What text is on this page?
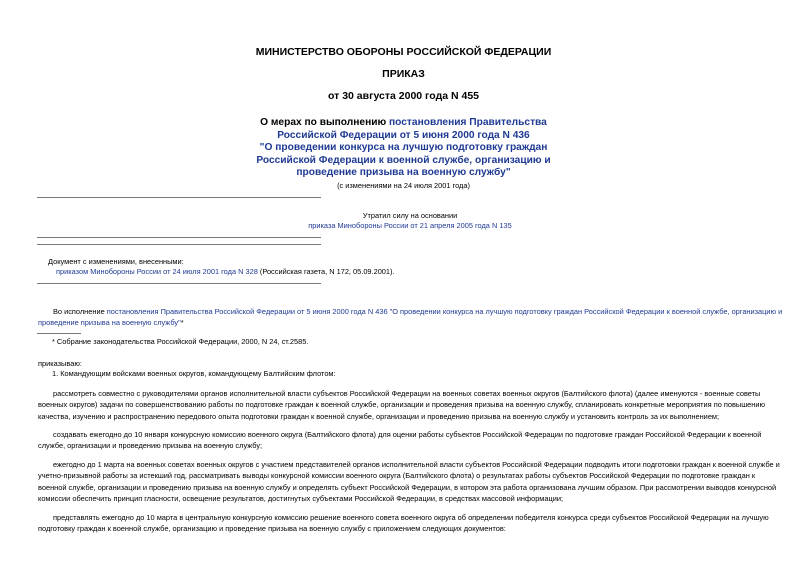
МИНИСТЕРСТВО ОБОРОНЫ РОССИЙСКОЙ ФЕДЕРАЦИИ
ПРИКАЗ
от 30 августа 2000 года N 455
О мерах по выполнению постановления Правительства
Российской Федерации от 5 июня 2000 года N 436
"О проведении конкурса на лучшую подготовку граждан
Российской Федерации к военной службе, организацию и
проведение призыва на военную службу"
(с изменениями на 24 июля 2001 года)
Утратил силу на основании
приказа Минобороны России от 21 апреля 2005 года N 135
Документ с изменениями, внесенными:
приказом Минобороны России от 24 июля 2001 года N 328 (Российская газета, N 172, 05.09.2001).
Во исполнение постановления Правительства Российской Федерации от 5 июня 2000 года N 436 "О проведении конкурса на лучшую подготовку граждан Российской Федерации к военной службе, организацию и
проведение призыва на военную службу"*
* Собрание законодательства Российской Федерации, 2000, N 24, ст.2585.
приказываю:
1. Командующим войсками военных округов, командующему Балтийским флотом:
рассмотреть совместно с руководителями органов исполнительной власти субъектов Российской Федерации на военных советах военных округов (Балтийского флота) (далее именуются - военные советы
военных округов) задачи по совершенствованию работы по подготовке граждан к военной службе, организации и проведения призыва на военную службу, спланировать конкретные мероприятия по повышению
качества, изучению и распространению передового опыта подготовки граждан к военной службе, организации и проведению призыва на военную службу и установить контроль за их выполнением;
создавать ежегодно до 10 января конкурсную комиссию военного округа (Балтийского флота) для оценки работы субъектов Российской Федерации по подготовке граждан Российской Федерации к военной
службе, организации и проведению призыва на военную службу;
ежегодно до 1 марта на военных советах военных округов с участием представителей органов исполнительной власти субъектов Российской Федерации подводить итоги подготовки граждан к военной службе и
учетно-призывной работы за истекший год, рассматривать выводы конкурсной комиссии военного округа (Балтийского флота) о результатах работы субъектов Российской Федерации по подготовке граждан к
военной службе, организации и проведению призыва на военную службу и определять субъект Российской Федерации, в котором эта работа организована лучшим образом. При рассмотрении выводов конкурсной
комиссии обеспечить принцип гласности, освещение результатов, достигнутых субъектами Российской Федерации, в средствах массовой информации;
представлять ежегодно до 10 марта в центральную конкурсную комиссию решение военного совета военного округа об определении победителя конкурса среди субъектов Российской Федерации на лучшую
подготовку граждан к военной службе, организацию и проведение призыва на военную службу с приложением следующих документов:
